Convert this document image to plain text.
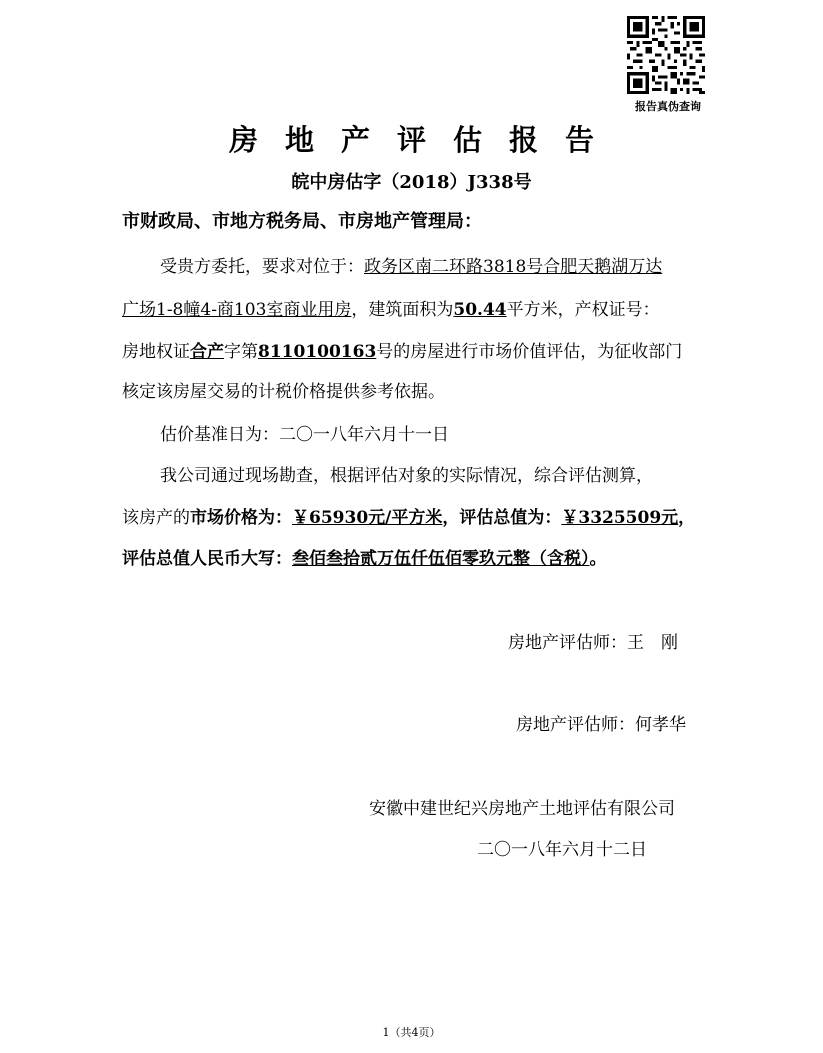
报告真伪查询
房地产评估报告
皖中房估字（2018）J338号
市财政局、市地方税务局、市房地产管理局：
受贵方委托，要求对位于：政务区南二环路3818号合肥天鹅湖万达
广场1-8幢4-商103室商业用房，建筑面积为50.44平方米，产权证号：
房地权证合产字第8110100163号的房屋进行市场价值评估，为征收部门
核定该房屋交易的计税价格提供参考依据。
估价基准日为：二〇一八年六月十一日
我公司通过现场勘查，根据评估对象的实际情况，综合评估测算，
该房产的市场价格为：￥65930元/平方米，评估总值为：￥3325509元，
评估总值人民币大写：叁佰叁拾贰万伍仟伍佰零玖元整（含税）。
房地产评估师：王　刚
房地产评估师：何孝华
安徽中建世纪兴房地产土地评估有限公司
二〇一八年六月十二日
1（共4页）
